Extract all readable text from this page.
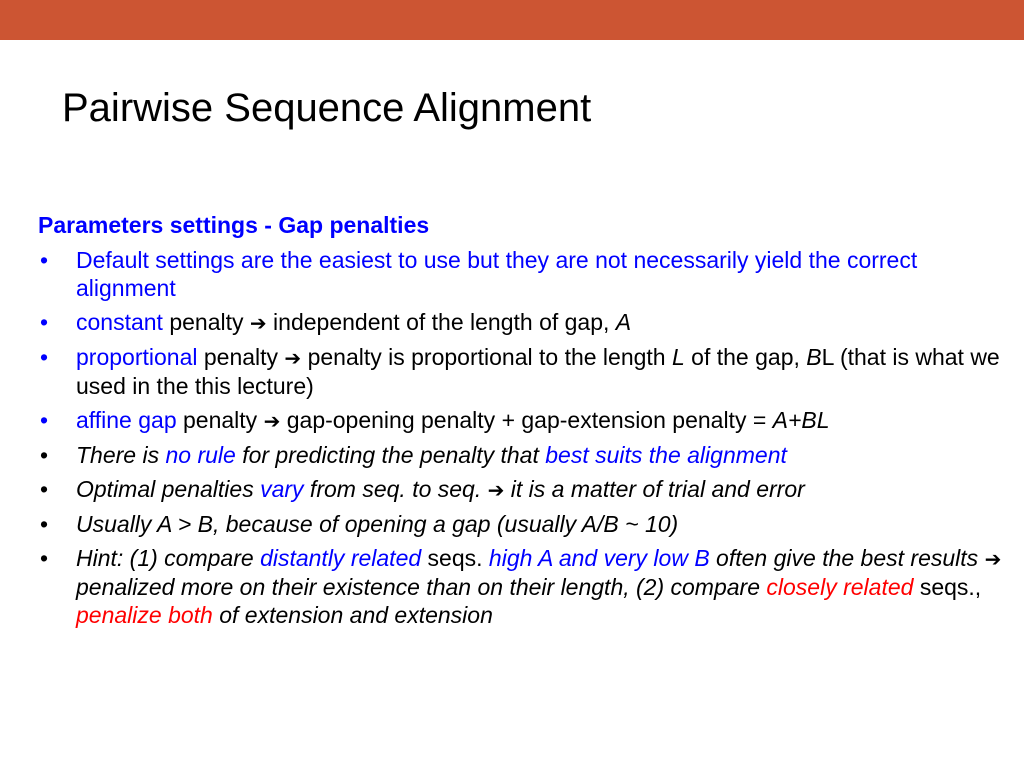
Pairwise Sequence Alignment
Parameters settings - Gap penalties
• Default settings are the easiest to use but they are not necessarily yield the correct alignment
• constant penalty ➔ independent of the length of gap, A
• proportional penalty ➔ penalty is proportional to the length L of the gap, BL (that is what we used in the this lecture)
• affine gap penalty ➔ gap-opening penalty + gap-extension penalty = A+BL
• There is no rule for predicting the penalty that best suits the alignment
• Optimal penalties vary from seq. to seq. ➔ it is a matter of trial and error
• Usually A > B, because of opening a gap (usually A/B ~ 10)
• Hint: (1) compare distantly related seqs. high A and very low B often give the best results ➔ penalized more on their existence than on their length, (2) compare closely related seqs., penalize both of extension and extension
